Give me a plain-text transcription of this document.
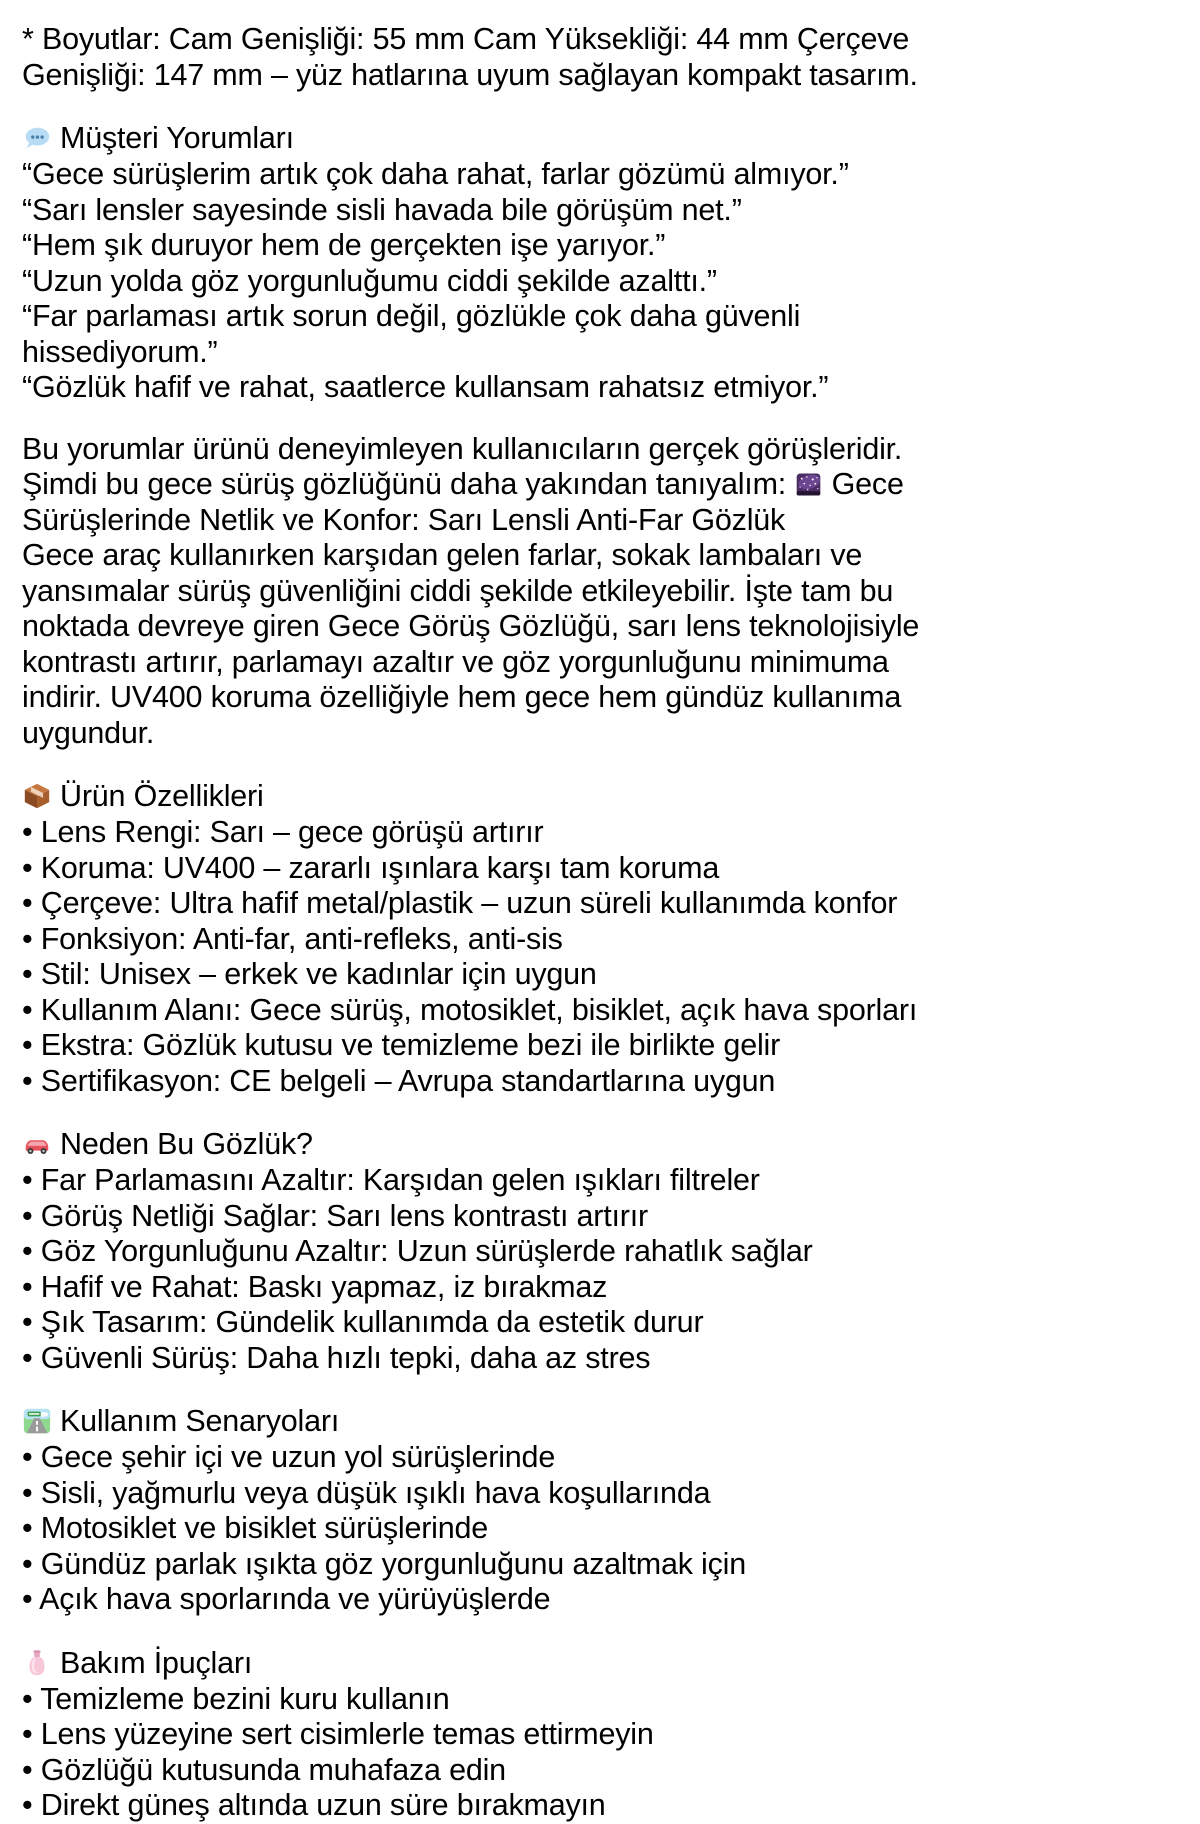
* Boyutlar: Cam Genişliği: 55 mm Cam Yüksekliği: 44 mm Çerçeve
Genişliği: 147 mm – yüz hatlarına uyum sağlayan kompakt tasarım.
Müşteri Yorumları
“Gece sürüşlerim artık çok daha rahat, farlar gözümü almıyor.”
“Sarı lensler sayesinde sisli havada bile görüşüm net.”
“Hem şık duruyor hem de gerçekten işe yarıyor.”
“Uzun yolda göz yorgunluğumu ciddi şekilde azalttı.”
“Far parlaması artık sorun değil, gözlükle çok daha güvenli
hissediyorum.”
“Gözlük hafif ve rahat, saatlerce kullansam rahatsız etmiyor.”
Bu yorumlar ürünü deneyimleyen kullanıcıların gerçek görüşleridir.
Şimdi bu gece sürüş gözlüğünü daha yakından tanıyalım:
Gece
Sürüşlerinde Netlik ve Konfor: Sarı Lensli Anti-Far Gözlük
Gece araç kullanırken karşıdan gelen farlar, sokak lambaları ve
yansımalar sürüş güvenliğini ciddi şekilde etkileyebilir. İşte tam bu
noktada devreye giren Gece Görüş Gözlüğü, sarı lens teknolojisiyle
kontrastı artırır, parlamayı azaltır ve göz yorgunluğunu minimuma
indirir. UV400 koruma özelliğiyle hem gece hem gündüz kullanıma
uygundur.
Ürün Özellikleri
• Lens Rengi: Sarı – gece görüşü artırır
• Koruma: UV400 – zararlı ışınlara karşı tam koruma
• Çerçeve: Ultra hafif metal/plastik – uzun süreli kullanımda konfor
• Fonksiyon: Anti-far, anti-refleks, anti-sis
• Stil: Unisex – erkek ve kadınlar için uygun
• Kullanım Alanı: Gece sürüş, motosiklet, bisiklet, açık hava sporları
• Ekstra: Gözlük kutusu ve temizleme bezi ile birlikte gelir
• Sertifikasyon: CE belgeli – Avrupa standartlarına uygun
Neden Bu Gözlük?
• Far Parlamasını Azaltır: Karşıdan gelen ışıkları filtreler
• Görüş Netliği Sağlar: Sarı lens kontrastı artırır
• Göz Yorgunluğunu Azaltır: Uzun sürüşlerde rahatlık sağlar
• Hafif ve Rahat: Baskı yapmaz, iz bırakmaz
• Şık Tasarım: Gündelik kullanımda da estetik durur
• Güvenli Sürüş: Daha hızlı tepki, daha az stres
Kullanım Senaryoları
• Gece şehir içi ve uzun yol sürüşlerinde
• Sisli, yağmurlu veya düşük ışıklı hava koşullarında
• Motosiklet ve bisiklet sürüşlerinde
• Gündüz parlak ışıkta göz yorgunluğunu azaltmak için
• Açık hava sporlarında ve yürüyüşlerde
Bakım İpuçları
• Temizleme bezini kuru kullanın
• Lens yüzeyine sert cisimlerle temas ettirmeyin
• Gözlüğü kutusunda muhafaza edin
• Direkt güneş altında uzun süre bırakmayın
